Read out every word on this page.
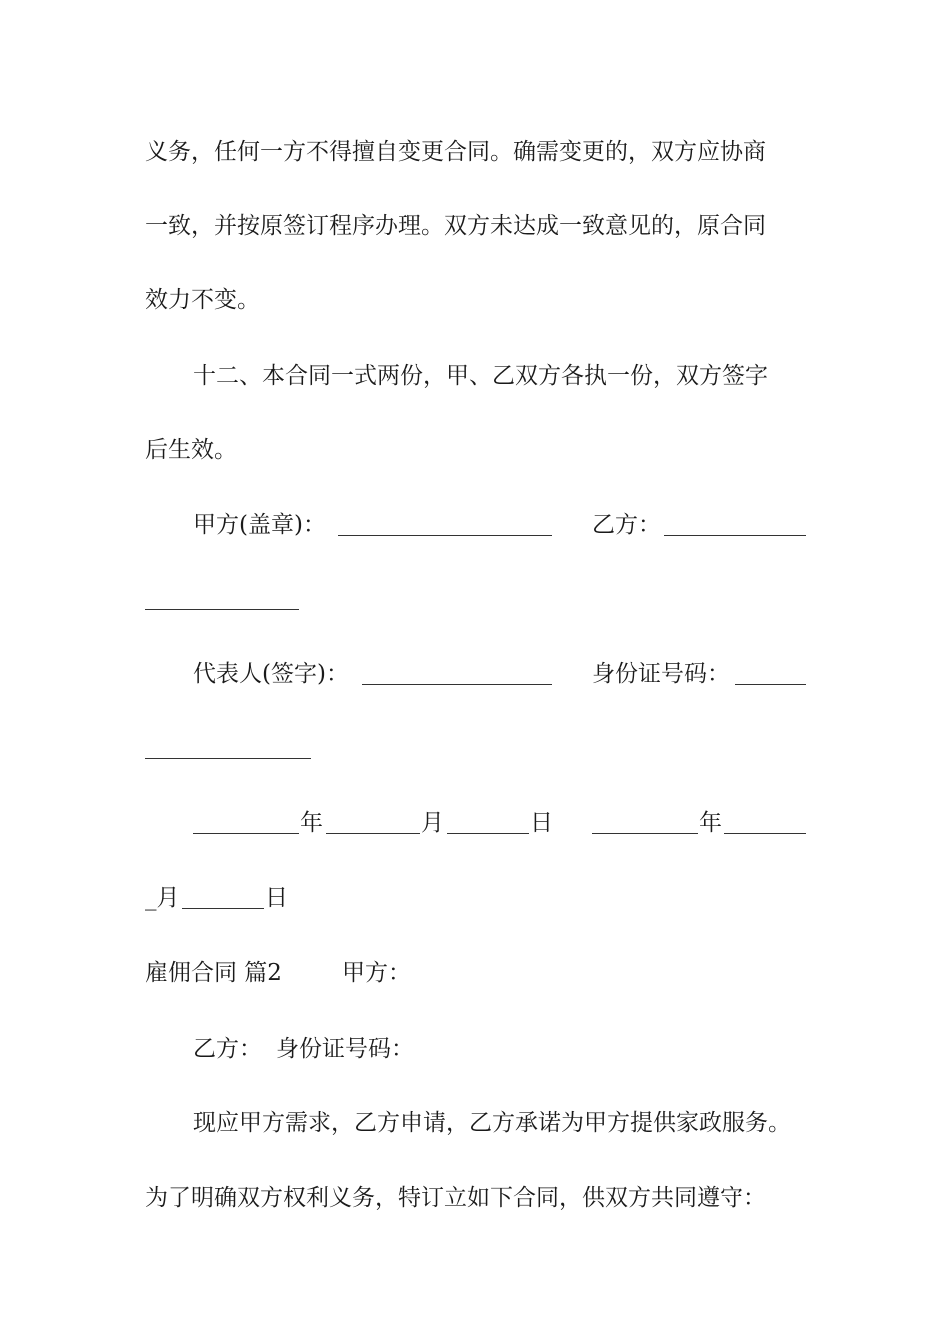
义务，任何一方不得擅自变更合同。确需变更的，双方应协商

一致，并按原签订程序办理。双方未达成一致意见的，原合同

效力不变。

十二、本合同一式两份，甲、乙双方各执一份，双方签字

后生效。

甲方(盖章)：	乙方：

代表人(签字)：	身份证号码：

年	月	日	年

_月	日

雇佣合同 篇2	甲方：

乙方： 身份证号码：

现应甲方需求，乙方申请，乙方承诺为甲方提供家政服务。

为了明确双方权利义务，特订立如下合同，供双方共同遵守：
